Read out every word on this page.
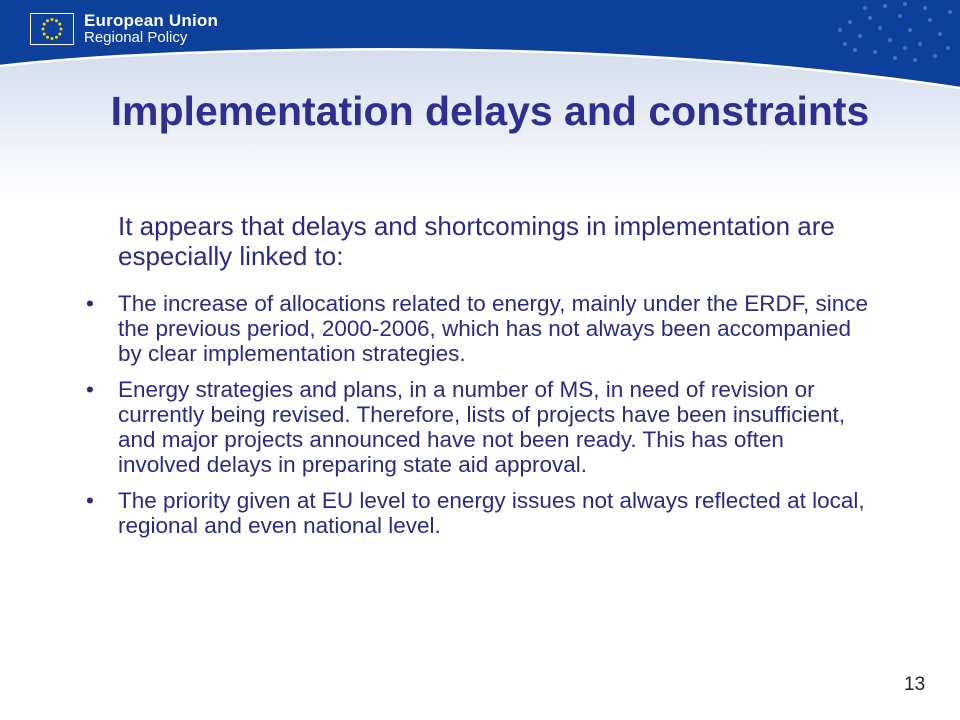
European Union
Regional Policy
Implementation delays and constraints
It appears that delays and shortcomings in implementation are especially linked to:
• The increase of allocations related to energy, mainly under the ERDF, since the previous period, 2000-2006, which has not always been accompanied by clear implementation strategies.
• Energy strategies and plans, in a number of MS, in need of revision or currently being revised. Therefore, lists of projects have been insufficient, and major projects announced have not been ready. This has often involved delays in preparing state aid approval.
• The priority given at EU level to energy issues not always reflected at local, regional and even national level.
13
